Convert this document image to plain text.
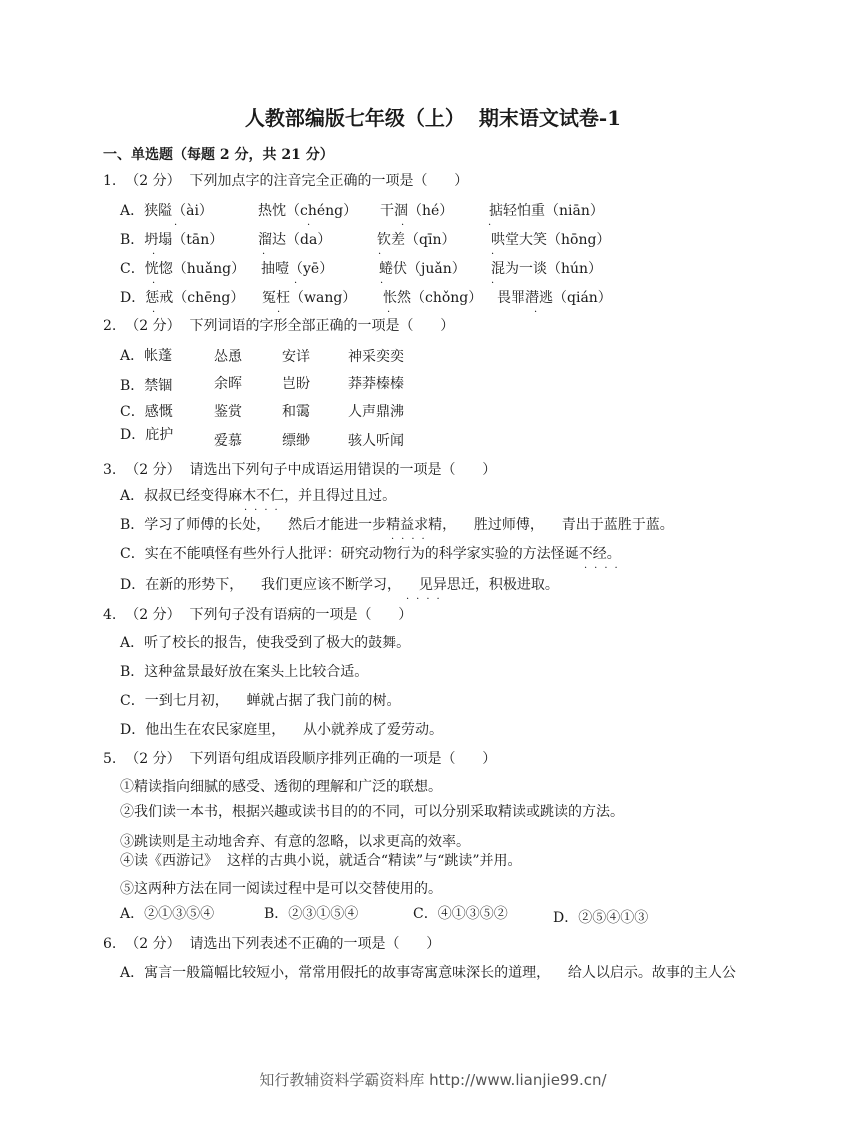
人教部编版七年级（上）  期末语文试卷-1
一、单选题（每题 2 分，共 21 分）
1.  （2 分）  下列加点字的注音完全正确的一项是（      ）
A．狭隘（ài）	热忱（chéng） 干涸（hé）	掂轻怕重（niān）
B．坍塌（tān） 溜达（da）	钦差（qīn）	哄堂大笑（hōng）
C．恍惚（huǎng） 抽噎（yē）	蜷伏（juǎn） 混为一谈（hún）
D．惩戒（chēng） 冤枉（wang） 怅然（chǒng） 畏罪潜逃（qián）
·	·	·	·
·	·	·	·
·	·	·	·
·	·	·	·
2.  （2 分）  下列词语的字形全部正确的一项是（      ）
A．帐蓬	怂恿	安详	神采奕奕
B．禁锢	余晖	岂盼	莽莽榛榛
C．感慨	鉴赏	和霭	人声鼎沸
D．庇护	爱慕	缥缈	骇人听闻
3.  （2 分）  请选出下列句子中成语运用错误的一项是（      ）
A．叔叔已经变得麻木不仁，并且得过且过。
····
B．学习了师傅的长处，    然后才能进一步精益求精，    胜过师傅，    青出于蓝胜于蓝。
····
C．实在不能嗔怪有些外行人批评：研究动物行为的科学家实验的方法怪诞不经。
····
D．在新的形势下，    我们更应该不断学习，    见异思迁，积极进取。
····
4.  （2 分）  下列句子没有语病的一项是（      ）
A．听了校长的报告，使我受到了极大的鼓舞。
B．这种盆景最好放在案头上比较合适。
C．一到七月初，    蝉就占据了我门前的树。
D．他出生在农民家庭里，    从小就养成了爱劳动。
5.  （2 分）  下列语句组成语段顺序排列正确的一项是（      ）
①精读指向细腻的感受、透彻的理解和广泛的联想。
②我们读一本书，根据兴趣或读书目的的不同，可以分别采取精读或跳读的方法。
③跳读则是主动地舍弃、有意的忽略，以求更高的效率。
④读《西游记》  这样的古典小说，就适合“精读”与“跳读”并用。
⑤这两种方法在同一阅读过程中是可以交替使用的。
A．②①③⑤④	B．②③①⑤④	C．④①③⑤②	D．②⑤④①③
6.  （2 分）  请选出下列表述不正确的一项是（      ）
A．寓言一般篇幅比较短小，常常用假托的故事寄寓意味深长的道理，    给人以启示。故事的主人公
知行教辅资料学霸资料库 http://www.lianjie99.cn/
